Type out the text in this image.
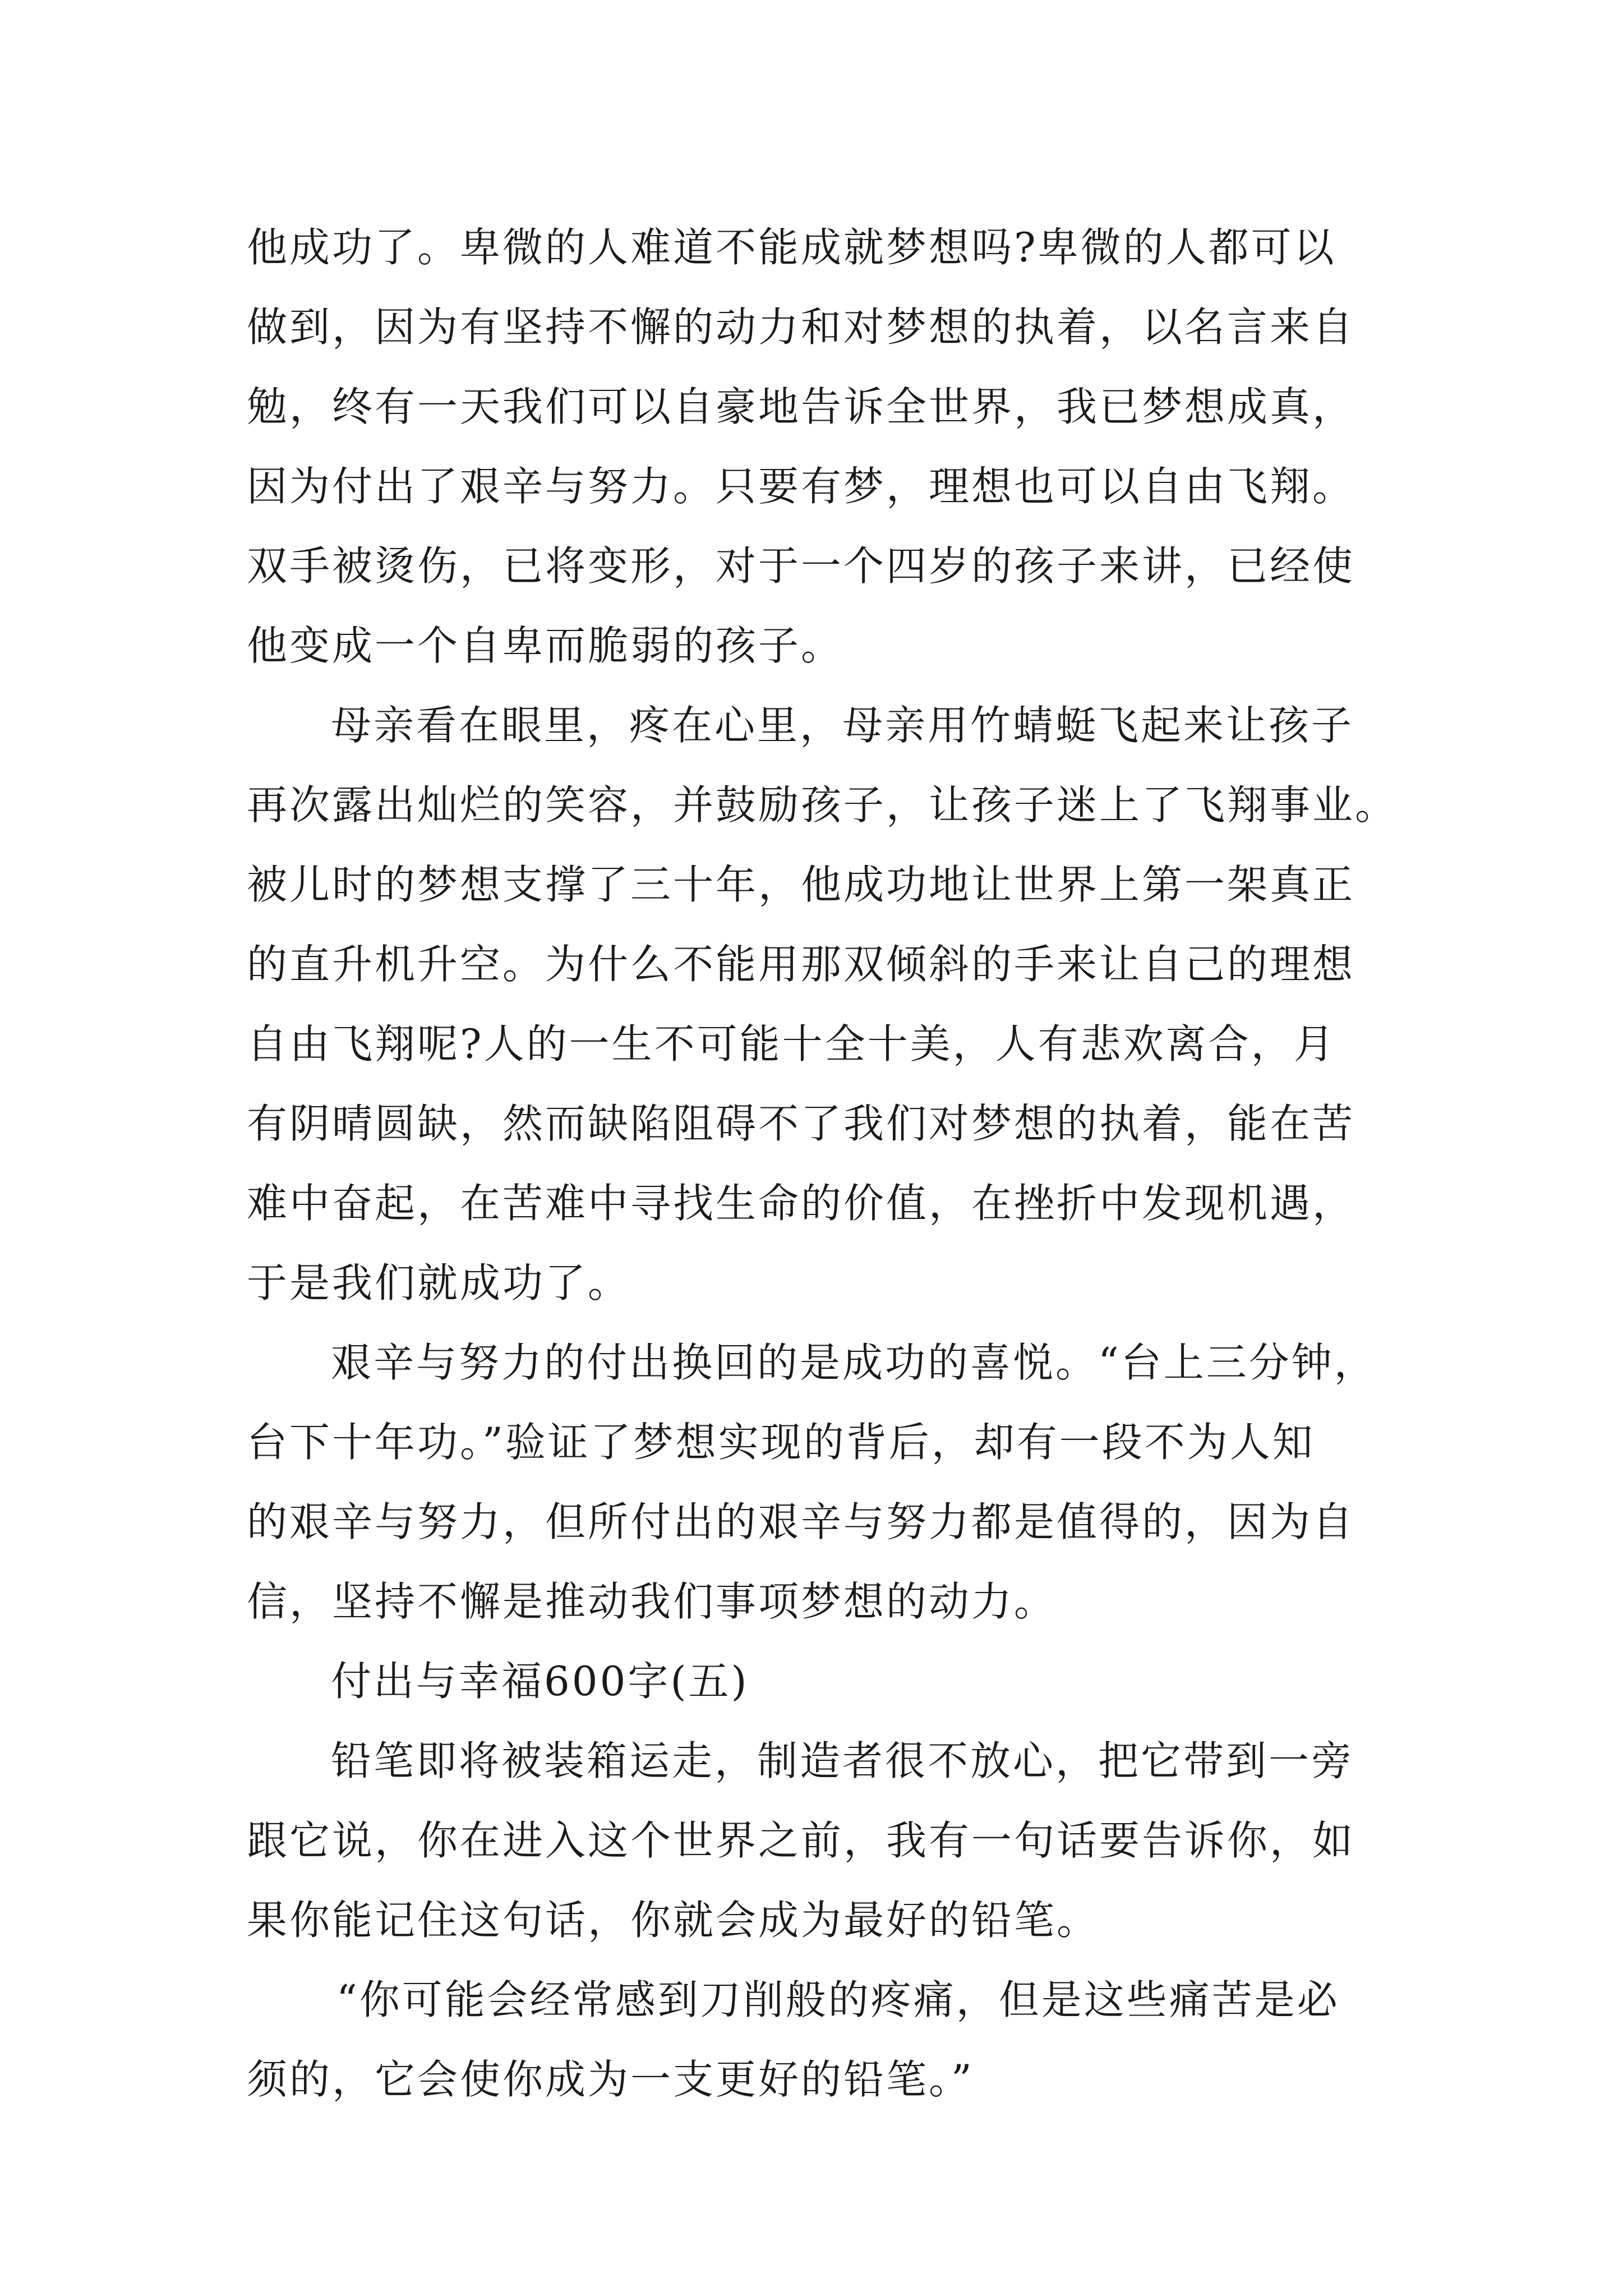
他成功了。卑微的人难道不能成就梦想吗?卑微的人都可以
做到，因为有坚持不懈的动力和对梦想的执着，以名言来自
勉，终有一天我们可以自豪地告诉全世界，我已梦想成真，
因为付出了艰辛与努力。只要有梦，理想也可以自由飞翔。
双手被烫伤，已将变形，对于一个四岁的孩子来讲，已经使
他变成一个自卑而脆弱的孩子。
母亲看在眼里，疼在心里，母亲用竹蜻蜓飞起来让孩子
再次露出灿烂的笑容，并鼓励孩子，让孩子迷上了飞翔事业。
被儿时的梦想支撑了三十年，他成功地让世界上第一架真正
的直升机升空。为什么不能用那双倾斜的手来让自己的理想
自由飞翔呢?人的一生不可能十全十美，人有悲欢离合，月
有阴晴圆缺，然而缺陷阻碍不了我们对梦想的执着，能在苦
难中奋起，在苦难中寻找生命的价值，在挫折中发现机遇，
于是我们就成功了。
艰辛与努力的付出换回的是成功的喜悦。“台上三分钟，
台下十年功。”验证了梦想实现的背后，却有一段不为人知
的艰辛与努力，但所付出的艰辛与努力都是值得的，因为自
信，坚持不懈是推动我们事项梦想的动力。
付出与幸福600字(五)
铅笔即将被装箱运走，制造者很不放心，把它带到一旁
跟它说，你在进入这个世界之前，我有一句话要告诉你，如
果你能记住这句话，你就会成为最好的铅笔。
“你可能会经常感到刀削般的疼痛，但是这些痛苦是必
须的，它会使你成为一支更好的铅笔。”
